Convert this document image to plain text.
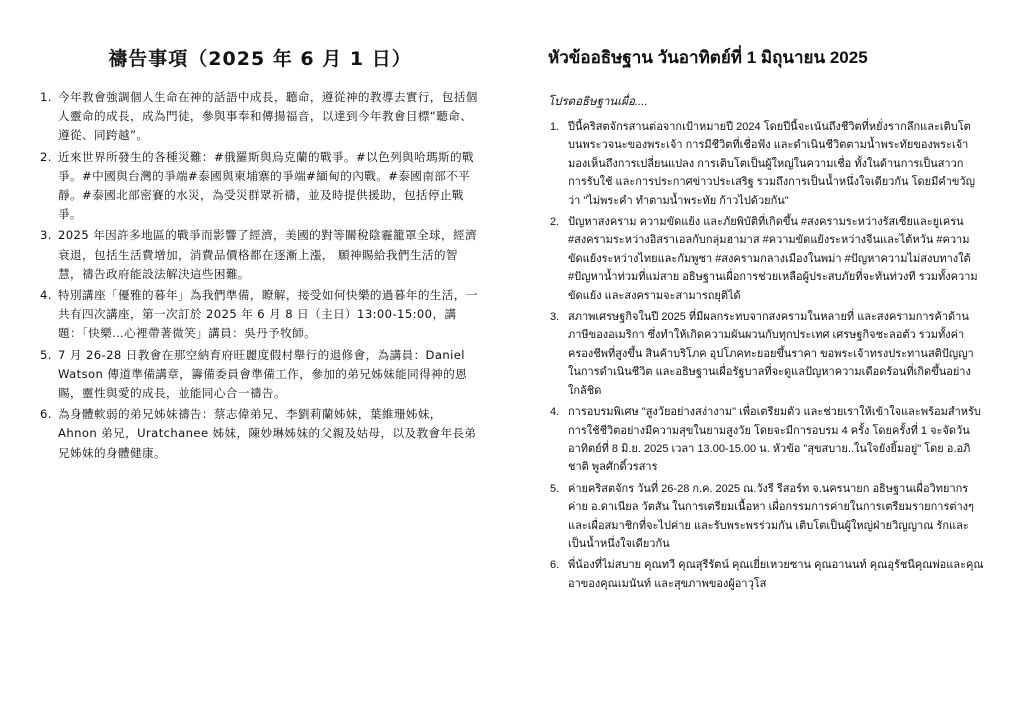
禱告事項（2025 年 6 月 1 日）
1. 今年教會強調個人生命在神的話語中成長，聽命，遵從神的教導去實行，包括個人靈命的成長，成為門徒，參與事奉和傳揚福音，以達到今年教會目標“聽命、遵從、同跨越”。
2. 近來世界所發生的各種災難：#俄羅斯與烏克蘭的戰爭。#以色列與哈瑪斯的戰爭。#中國與台灣的爭端#泰國與柬埔寨的爭端#緬甸的內戰。#泰國南部不平靜。#泰國北部密賽的水災，為受災群眾祈禱，並及時提供援助，包括停止戰爭。
3. 2025 年因許多地區的戰爭而影響了經濟，美國的對等關稅陰霾籠罩全球，經濟衰退，包括生活費增加，消費品價格都在逐漸上漲， 願神賜給我們生活的智慧，禱告政府能設法解決這些困難。
4. 特別講座「優雅的暮年」為我們準備，瞭解，接受如何快樂的過暮年的生活，一共有四次講座，第一次訂於 2025 年 6 月 8 日（主日）13:00-15:00，講題：「快樂…心裡帶著微笑」講員：吳丹予牧師。
5. 7 月 26-28 日教會在那空納育府旺麗度假村舉行的退修會，為講員：Daniel Watson 傳道準備講章，籌備委員會準備工作，參加的弟兄姊妹能同得神的恩賜，靈性與愛的成長，並能同心合一禱告。
6. 為身體軟弱的弟兄姊妹禱告：蔡志偉弟兄、李劉莉蘭姊妹，葉維珊姊妹，Ahnon 弟兄，Uratchanee 姊妹，陳妙琳姊妹的父親及姑母，以及教會年長弟兄姊妹的身體健康。
หัวข้ออธิษฐาน วันอาทิตย์ที่ 1 มิถุนายน 2025
โปรดอธิษฐานเผื่อ....
1. ปีนี้คริสตจักรสานต่อจากเป้าหมายปี 2024 โดยปีนี้จะเน้นถึงชีวิตที่หยั่งรากลึกและเติบโตบนพระวจนะของพระเจ้า การมีชีวิตที่เชื่อฟัง และดำเนินชีวิตตามน้ำพระทัยของพระเจ้า มองเห็นถึงการเปลี่ยนแปลง การเติบโตเป็นผู้ใหญ่ในความเชื่อ ทั้งในด้านการเป็นสาวก การรับใช้ และการประกาศข่าวประเสริฐ รวมถึงการเป็นน้ำหนึ่งใจเดียวกัน โดยมีคำขวัญว่า "ไม่พระคำ ทำตามน้ำพระทัย ก้าวไปด้วยกัน"
2. ปัญหาสงคราม ความขัดแย้ง และภัยพิบัติที่เกิดขึ้น #สงครามระหว่างรัสเซียและยูเครน #สงครามระหว่างอิสราเอลกับกลุ่มฮามาส #ความขัดแย้งระหว่างจีนและไต้หวัน #ความขัดแย้งระหว่างไทยและกัมพูชา #สงครามกลางเมืองในพม่า #ปัญหาความไม่สงบทางใต้ #ปัญหาน้ำท่วมที่แม่สาย อธิษฐานเผื่อการช่วยเหลือผู้ประสบภัยที่จะทันท่วงที รวมทั้งความขัดแย้ง และสงครามจะสามารถยุติได้
3. สภาพเศรษฐกิจในปี 2025 ที่มีผลกระทบจากสงครามในหลายที่ และสงครามการค้าด้านภาษีของอเมริกา ซึ่งทำให้เกิดความผันผวนกับทุกประเทศ เศรษฐกิจชะลอตัว รวมทั้งค่าครองชีพที่สูงขึ้น สินค้าบริโภค อุปโภคทะยอยขึ้นราคา ขอพระเจ้าทรงประทานสติปัญญาในการดำเนินชีวิต และอธิษฐานเผื่อรัฐบาลที่จะดูแลปัญหาความเดือดร้อนที่เกิดขึ้นอย่างใกล้ชิด
4. การอบรมพิเศษ "สูงวัยอย่างสง่างาม" เพื่อเตรียมตัว และช่วยเราให้เข้าใจและพร้อมสำหรับการใช้ชีวิตอย่างมีความสุขในยามสูงวัย โดยจะมีการอบรม 4 ครั้ง โดยครั้งที่ 1 จะจัดวันอาทิตย์ที่ 8 มิ.ย. 2025 เวลา 13.00-15.00 น. หัวข้อ "สุขสบาย..ในใจยังยิ้มอยู่" โดย อ.อภิชาติ พูลศักดิ์วรสาร
5. ค่ายคริสตจักร วันที่ 26-28 ก.ค. 2025 ณ.วังรี รีสอร์ท จ.นครนายก อธิษฐานเผื่อวิทยากรค่าย อ.ดาเนียล วัตสัน ในการเตรียมเนื้อหา เผื่อกรรมการค่ายในการเตรียมรายการต่างๆ และเผื่อสมาชิกที่จะไปค่าย และรับพระพรร่วมกัน เติบโตเป็นผู้ใหญ่ฝ่ายวิญญาณ รักและเป็นน้ำหนึ่งใจเดียวกัน
6. พี่น้องที่ไม่สบาย คุณทวี คุณสุรีรัตน์ คุณเยี่ยเหวยซาน คุณอานนท์ คุณอุรัชนีคุณพ่อและคุณอาของคุณเมนันท์ และสุขภาพของผู้อาวุโส
